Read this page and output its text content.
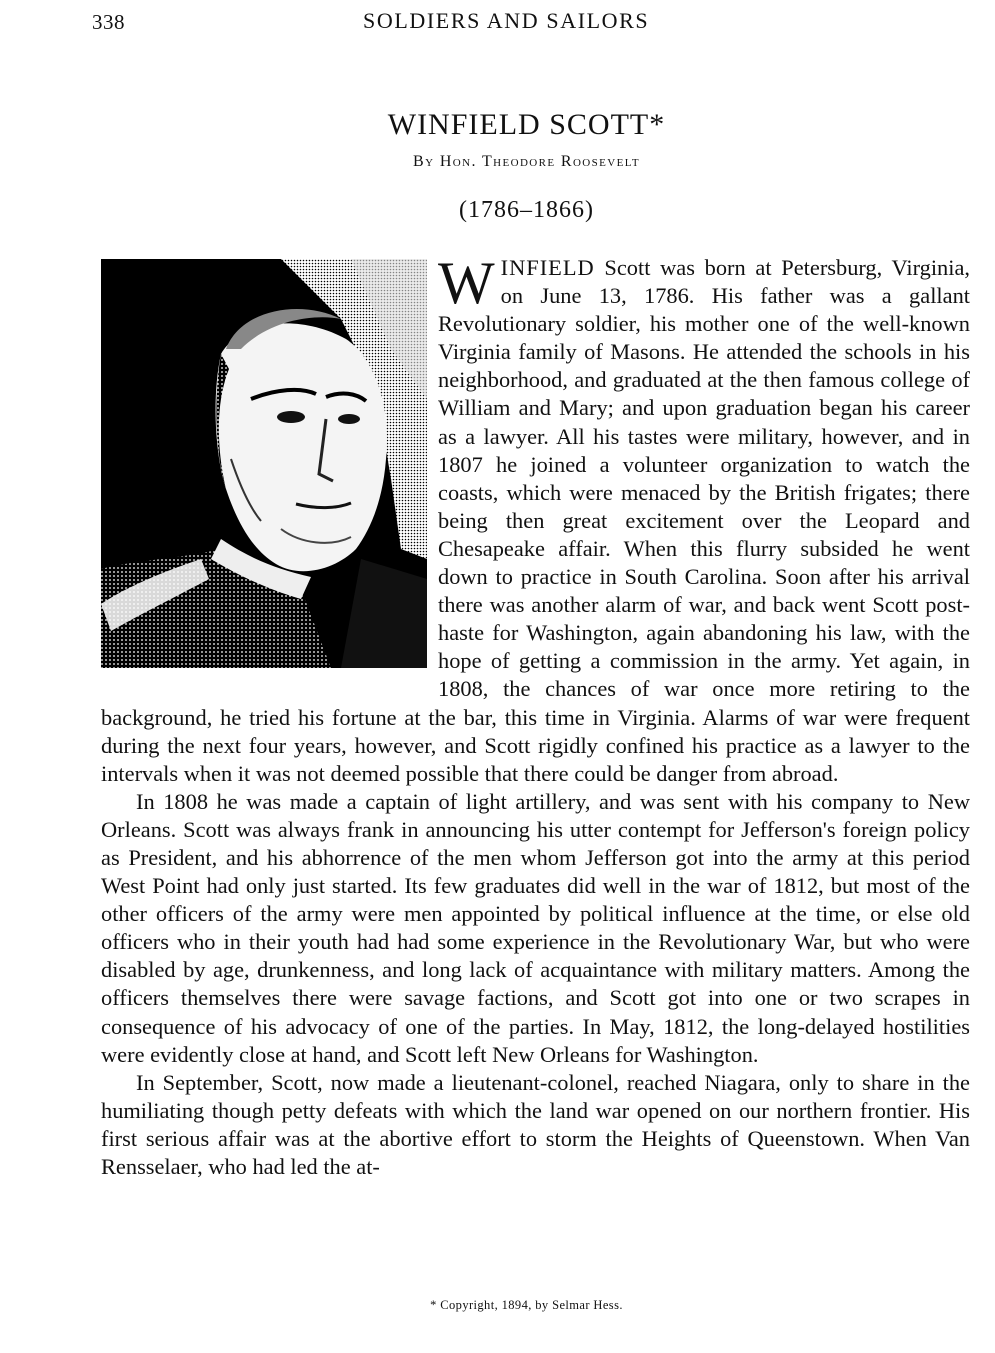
338	SOLDIERS AND SAILORS
WINFIELD SCOTT*
By Hon. Theodore Roosevelt
(1786–1866)

WINFIELD Scott was born at Petersburg, Virginia, on June 13, 1786. His father was a gallant Revolutionary soldier, his mother one of the well-known Virginia family of Masons. He attended the schools in his neighborhood, and graduated at the then famous college of William and Mary; and upon graduation began his career as a lawyer. All his tastes were military, however, and in 1807 he joined a volunteer organization to watch the coasts, which were menaced by the British frigates; there being then great excitement over the Leopard and Chesapeake affair. When this flurry subsided he went down to practice in South Carolina. Soon after his arrival there was another alarm of war, and back went Scott post-haste for Washington, again abandoning his law, with the hope of getting a commission in the army. Yet again, in 1808, the chances of war once more retiring to the background, he tried his fortune at the bar, this time in Virginia. Alarms of war were frequent during the next four years, however, and Scott rigidly confined his practice as a lawyer to the intervals when it was not deemed possible that there could be danger from abroad.

In 1808 he was made a captain of light artillery, and was sent with his company to New Orleans. Scott was always frank in announcing his utter contempt for Jefferson's foreign policy as President, and his abhorrence of the men whom Jefferson got into the army at this period West Point had only just started. Its few graduates did well in the war of 1812, but most of the other officers of the army were men appointed by political influence at the time, or else old officers who in their youth had had some experience in the Revolutionary War, but who were disabled by age, drunkenness, and long lack of acquaintance with military matters. Among the officers themselves there were savage factions, and Scott got into one or two scrapes in consequence of his advocacy of one of the parties. In May, 1812, the long-delayed hostilities were evidently close at hand, and Scott left New Orleans for Washington.

In September, Scott, now made a lieutenant-colonel, reached Niagara, only to share in the humiliating though petty defeats with which the land war opened on our northern frontier. His first serious affair was at the abortive effort to storm the Heights of Queenstown. When Van Rensselaer, who had led the at-

* Copyright, 1894, by Selmar Hess.
